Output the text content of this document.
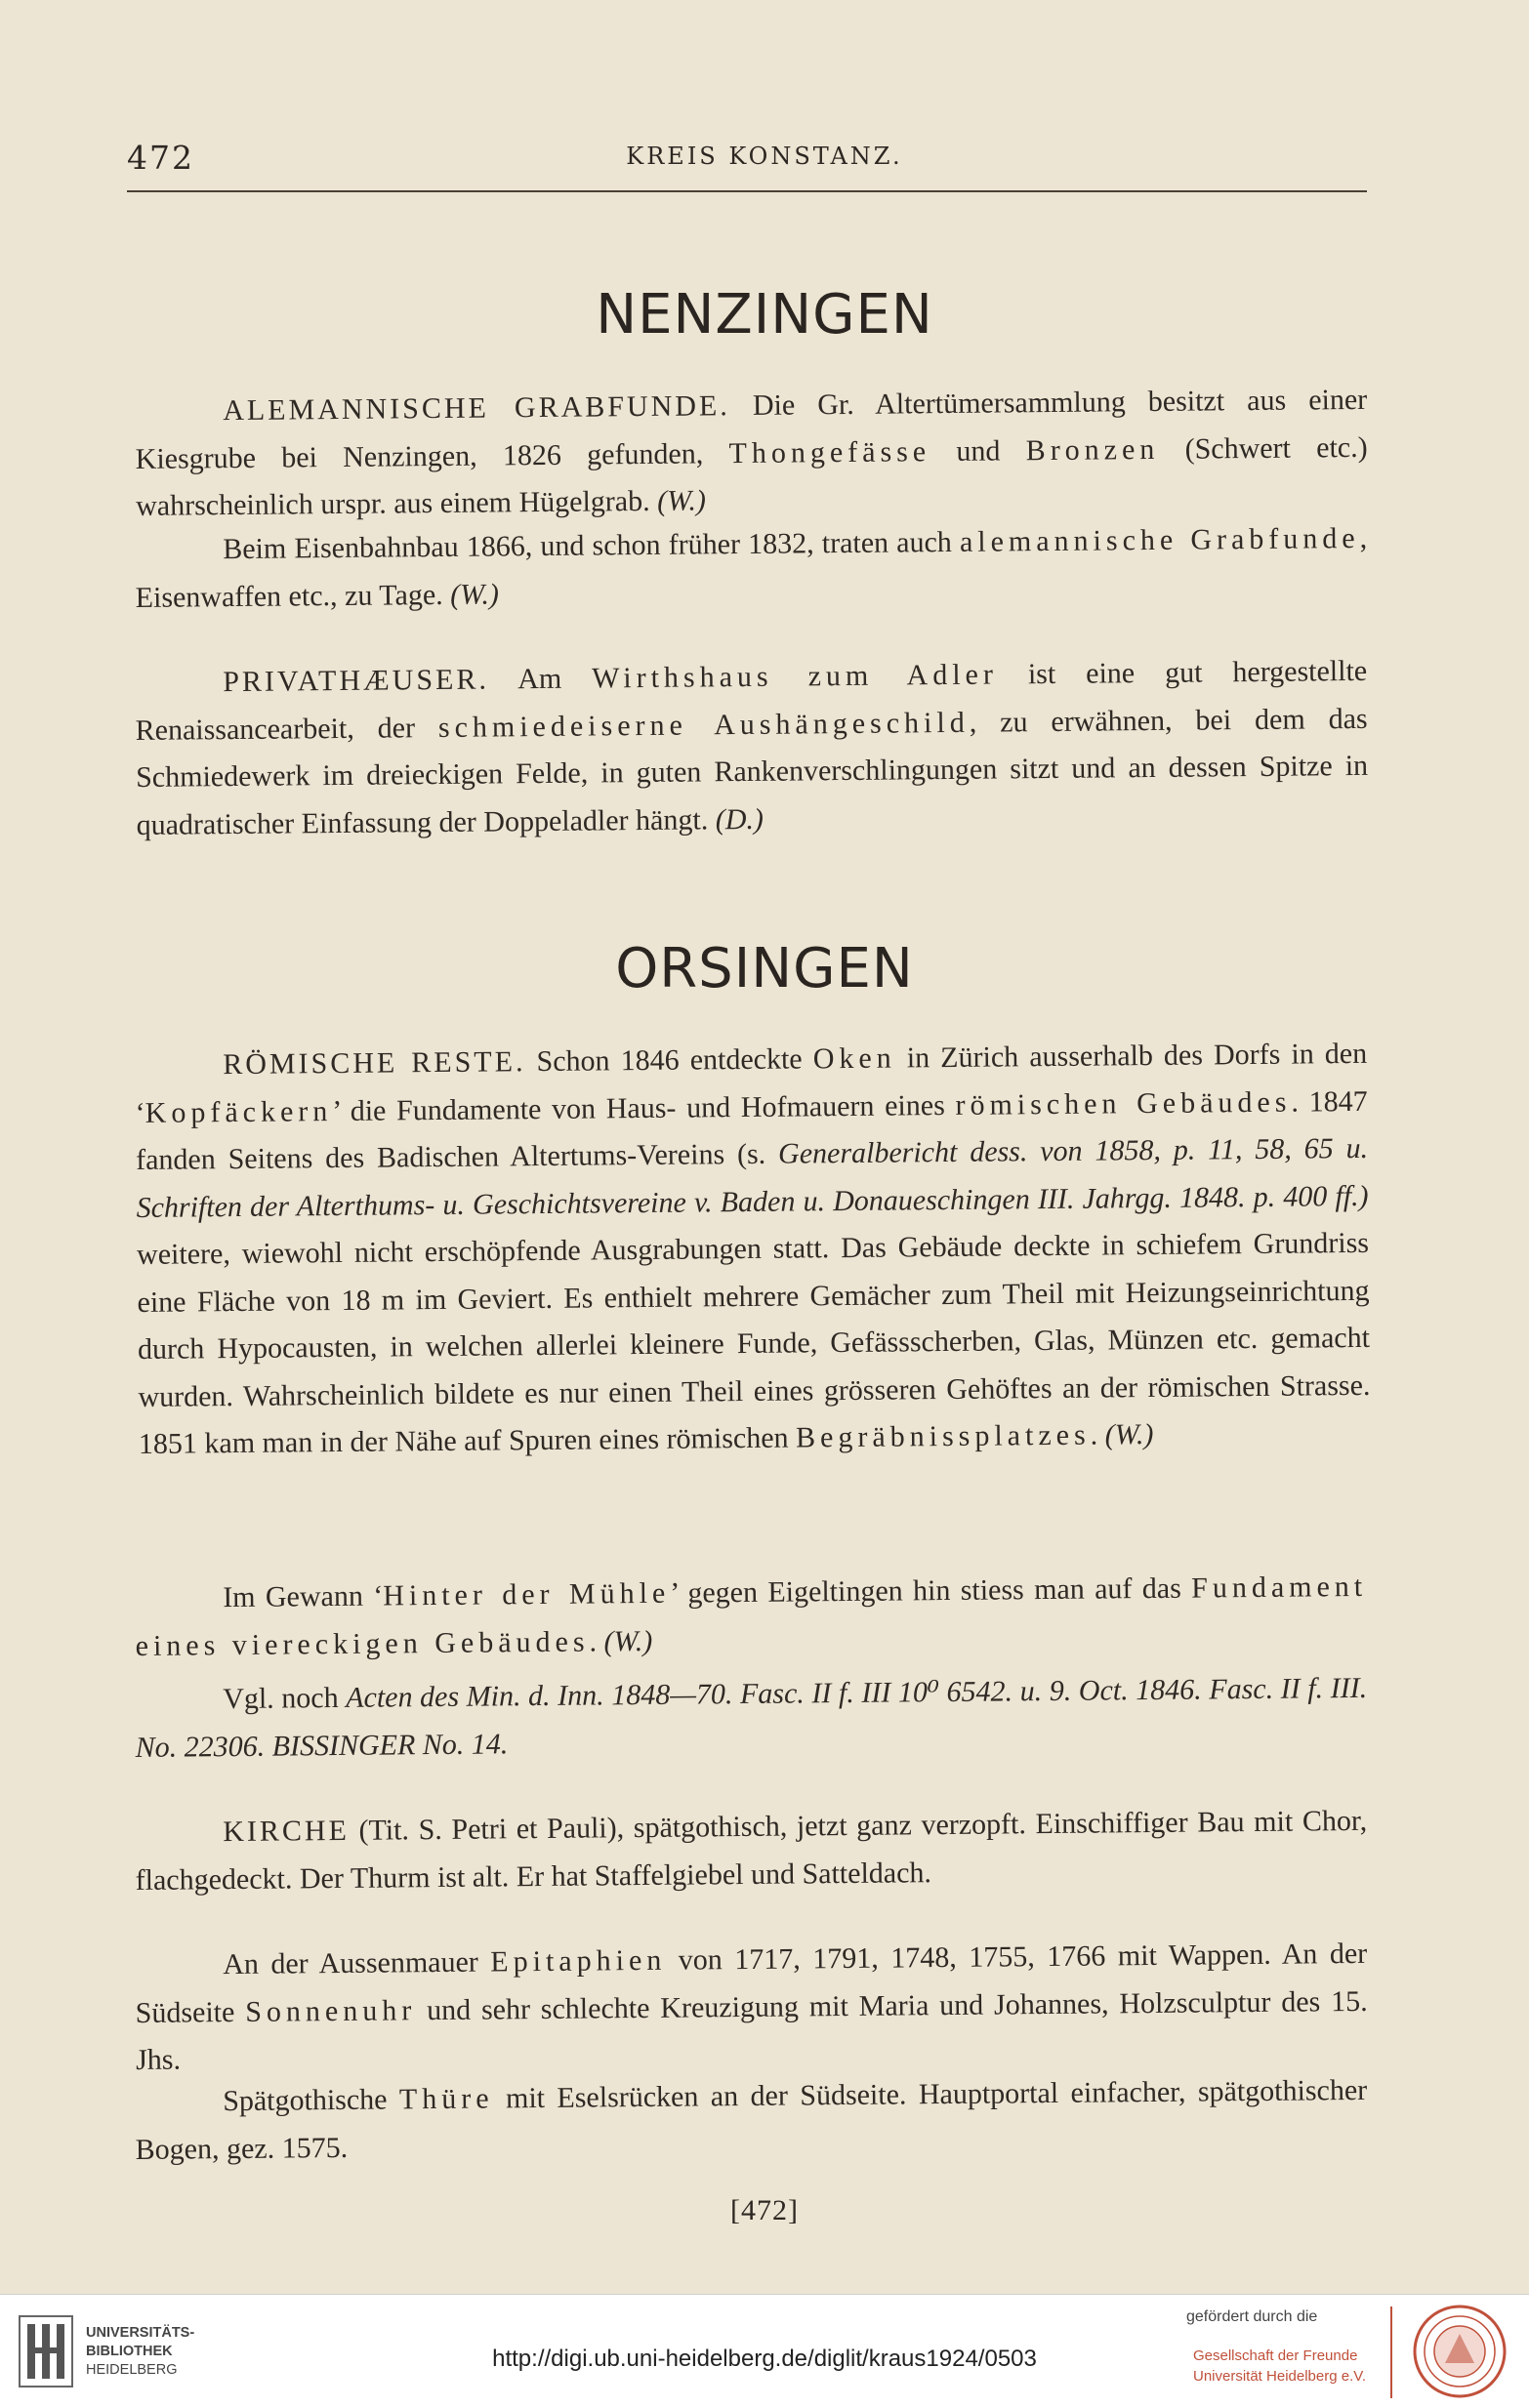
472	KREIS KONSTANZ.
NENZINGEN
ALEMANNISCHE GRABFUNDE. Die Gr. Altertümersammlung besitzt aus einer Kiesgrube bei Nenzingen, 1826 gefunden, Thongefässe und Bronzen (Schwert etc.) wahrscheinlich urspr. aus einem Hügelgrab. (W.)
Beim Eisenbahnbau 1866, und schon früher 1832, traten auch alemannische Grabfunde, Eisenwaffen etc., zu Tage. (W.)
PRIVATHÆUSER. Am Wirthshaus zum Adler ist eine gut hergestellte Renaissancearbeit, der schmiedeiserne Aushängeschild, zu erwähnen, bei dem das Schmiedewerk im dreieckigen Felde, in guten Rankenverschlingungen sitzt und an dessen Spitze in quadratischer Einfassung der Doppeladler hängt. (D.)
ORSINGEN
RÖMISCHE RESTE. Schon 1846 entdeckte Oken in Zürich ausserhalb des Dorfs in den ‘Kopfäckern’ die Fundamente von Haus- und Hofmauern eines römischen Gebäudes. 1847 fanden Seitens des Badischen Altertums-Vereins (s. Generalbericht dess. von 1858, p. 11, 58, 65 u. Schriften der Alterthums- u. Geschichtsvereine v. Baden u. Donaueschingen III. Jahrgg. 1848. p. 400 ff.) weitere, wiewohl nicht erschöpfende Ausgrabungen statt. Das Gebäude deckte in schiefem Grundriss eine Fläche von 18 m im Geviert. Es enthielt mehrere Gemächer zum Theil mit Heizungseinrichtung durch Hypocausten, in welchen allerlei kleinere Funde, Gefässscherben, Glas, Münzen etc. gemacht wurden. Wahrscheinlich bildete es nur einen Theil eines grösseren Gehöftes an der römischen Strasse. 1851 kam man in der Nähe auf Spuren eines römischen Begräbnissplatzes. (W.)
Im Gewann ‘Hinter der Mühle’ gegen Eigeltingen hin stiess man auf das Fundament eines viereckigen Gebäudes. (W.)
Vgl. noch Acten des Min. d. Inn. 1848—70. Fasc. II f. III 10⁰ 6542. u. 9. Oct. 1846. Fasc. II f. III. No. 22306. BISSINGER No. 14.
KIRCHE (Tit. S. Petri et Pauli), spätgothisch, jetzt ganz verzopft. Einschiffiger Bau mit Chor, flachgedeckt. Der Thurm ist alt. Er hat Staffelgiebel und Satteldach.
An der Aussenmauer Epitaphien von 1717, 1791, 1748, 1755, 1766 mit Wappen. An der Südseite Sonnenuhr und sehr schlechte Kreuzigung mit Maria und Johannes, Holzsculptur des 15. Jhs.
Spätgothische Thüre mit Eselsrücken an der Südseite. Hauptportal einfacher, spätgothischer Bogen, gez. 1575.
[472]
UNIVERSITÄTS-
BIBLIOTHEK
HEIDELBERG	http://digi.ub.uni-heidelberg.de/diglit/kraus1924/0503
gefördert durch die
Gesellschaft der Freunde
Universität Heidelberg e.V.
